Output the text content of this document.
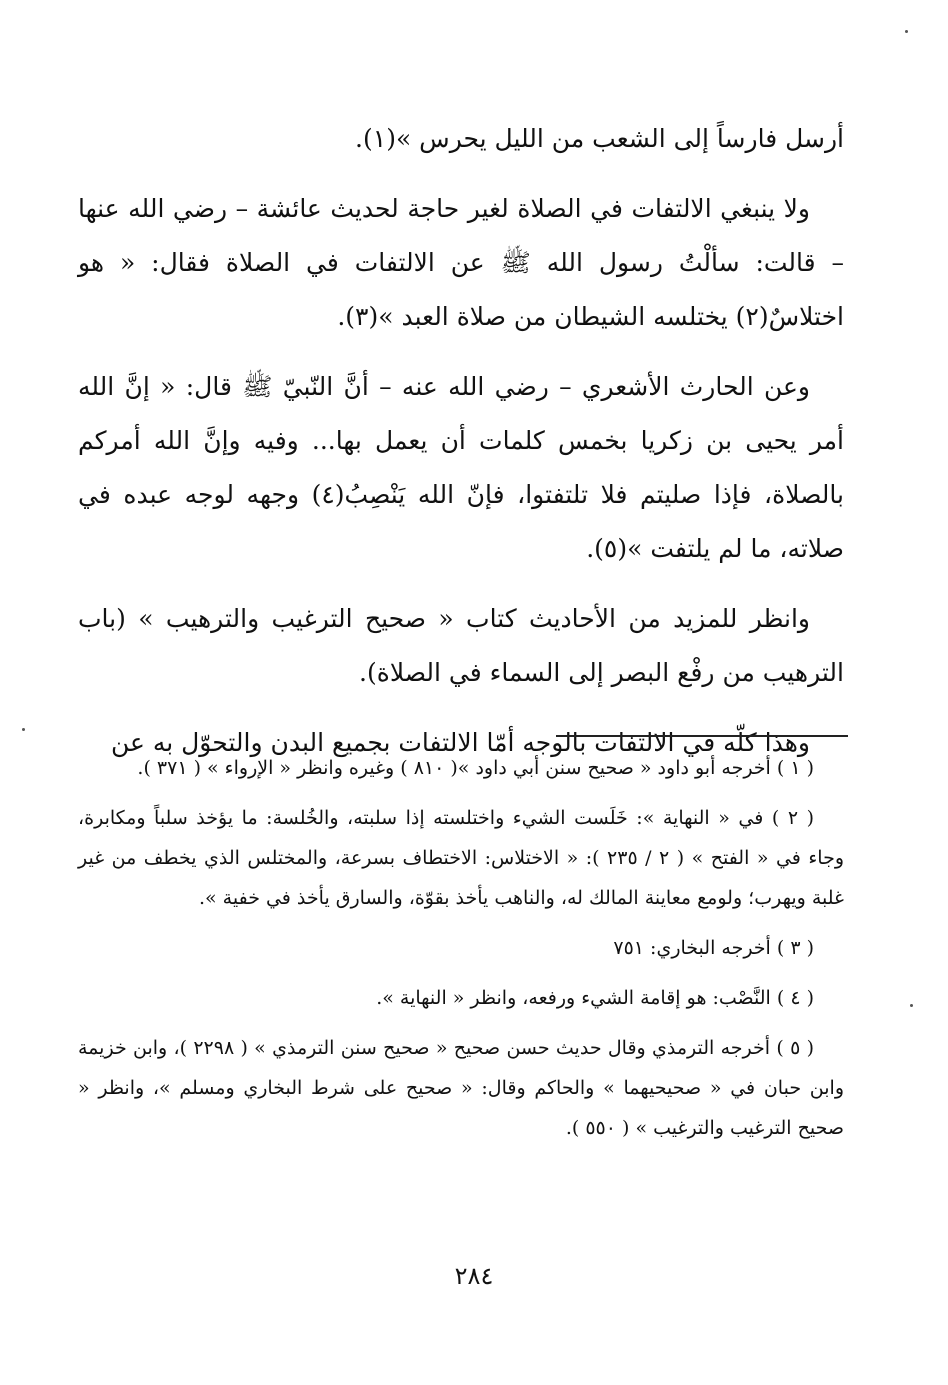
أرسل فارساً إلى الشعب من الليل يحرس »(١).

ولا ينبغي الالتفات في الصلاة لغير حاجة لحديث عائشة – رضي الله عنها – قالت: سألْتُ رسول الله ﷺ عن الالتفات في الصلاة فقال: « هو اختلاسٌ(٢) يختلسه الشيطان من صلاة العبد »(٣).

وعن الحارث الأشعري – رضي الله عنه – أنَّ النّبيّ ﷺ قال: « إنَّ الله أمر يحيى بن زكريا بخمس كلمات أن يعمل بها... وفيه وإنَّ الله أمركم بالصلاة، فإذا صليتم فلا تلتفتوا، فإنّ الله يَنْصِبُ(٤) وجهه لوجه عبده في صلاته، ما لم يلتفت »(٥).

وانظر للمزيد من الأحاديث كتاب « صحيح الترغيب والترهيب » (باب الترهيب من رفْع البصر إلى السماء في الصلاة).

وهذا كلّه في الالتفات بالوجه أمّا الالتفات بجميع البدن والتحوّل به عن

( ١ ) أخرجه أبو داود « صحيح سنن أبي داود »( ٨١٠ ) وغيره وانظر « الإرواء » ( ٣٧١ ).

( ٢ ) في « النهاية »: خَلَست الشيء واختلسته إذا سلبته، والخُلسة: ما يؤخذ سلباً ومكابرة، وجاء في « الفتح » ( ٢ / ٢٣٥ ): « الاختلاس: الاختطاف بسرعة، والمختلس الذي يخطف من غير غلبة ويهرب؛ ولومع معاينة المالك له، والناهب يأخذ بقوّة، والسارق يأخذ في خفية ».

( ٣ ) أخرجه البخاري: ٧٥١

( ٤ ) النَّصْب: هو إقامة الشيء ورفعه، وانظر « النهاية ».

( ٥ ) أخرجه الترمذي وقال حديث حسن صحيح « صحيح سنن الترمذي » ( ٢٢٩٨ )، وابن خزيمة وابن حبان في « صحيحيهما » والحاكم وقال: « صحيح على شرط البخاري ومسلم »، وانظر « صحيح الترغيب والترغيب » ( ٥٥٠ ).

٢٨٤
